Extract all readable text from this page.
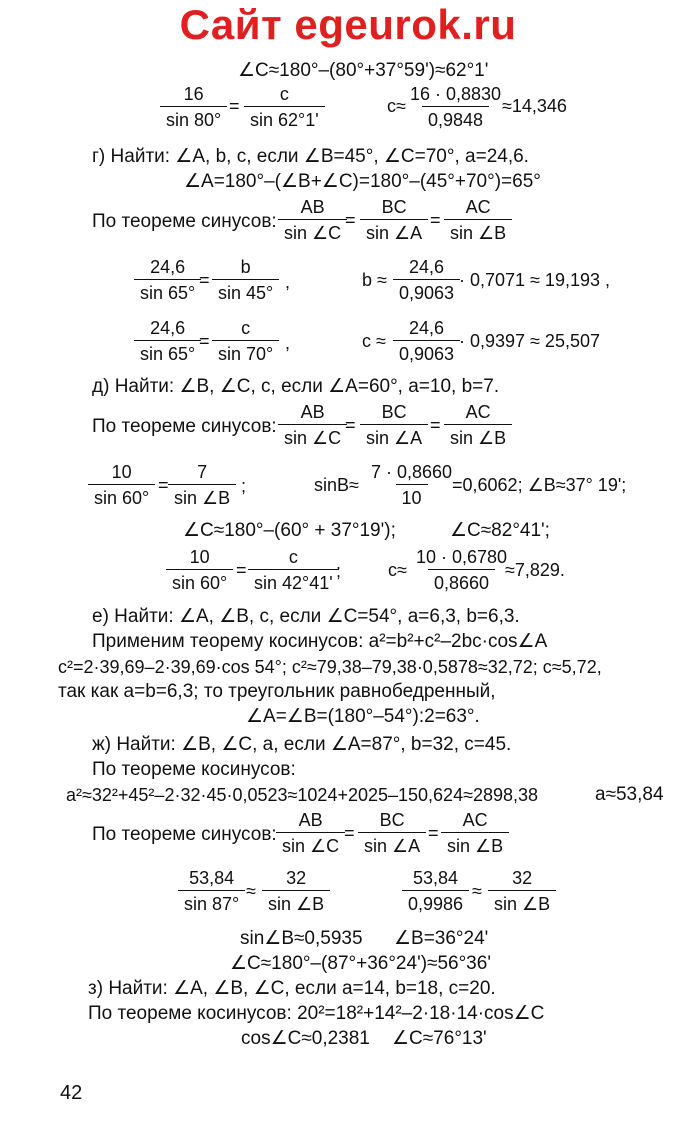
Сайт egeurok.ru
∠C≈180°–(80°+37°59')≈62°1'
$\frac{16}{\sin 80^\circ} = \frac{c}{\sin 62^\circ 1'}$	c≈
$\frac{16 \cdot 0,8830}{0,9848}$
≈14,346
г) Найти: ∠A, b, c, если ∠B=45°, ∠C=70°, a=24,6.
∠A=180°–(∠B+∠C)=180°–(45°+70°)=65°
По теореме синусов: $\frac{AB}{\sin \angle C}$
= $\frac{BC}{\sin \angle A} = \frac{AC}{\sin \angle B}$
$\frac{24,6}{\sin 65^\circ}$
= $\frac{b}{\sin 45^\circ}$ ,	$b \approx \frac{24,6}{0,9063}$
· 0,7071 ≈ 19,193 ,
$\frac{24,6}{\sin 65^\circ}$
= $\frac{c}{\sin 70^\circ}$ ,	$c \approx \frac{24,6}{0,9063}$
· 0,9397 ≈ 25,507
д) Найти: ∠B, ∠C, c, если ∠A=60°, a=10, b=7.
По теореме синусов: $\frac{AB}{\sin \angle C}$
= $\frac{BC}{\sin \angle A} = \frac{AC}{\sin \angle B}$
$\frac{10}{\sin 60^\circ} = \frac{7}{\sin \angle B}$ ;	$\sin B\approx \frac{7 \cdot 0,8660}{10}$
=0,6062; ∠B≈37° 19';
∠C≈180°–(60° + 37°19');	∠C≈82°41';
$\frac{10}{\sin 60^\circ} = \frac{c}{\sin 42^\circ 41'}$
;	$c\approx \frac{10 \cdot 0,6780}{0,8660}$
≈7,829.
е) Найти: ∠A, ∠B, c, если ∠C=54°, a=6,3, b=6,3.
Применим теорему косинусов: a²=b²+c²–2bc·cos∠A
c²=2·39,69–2·39,69·cos 54°; c²≈79,38–79,38·0,5878≈32,72; c≈5,72,
так как a=b=6,3; то треугольник равнобедренный,
∠A=∠B=(180°–54°):2=63°.
ж) Найти: ∠B, ∠C, a, если ∠A=87°, b=32, c=45.
По теореме косинусов:
a²≈32²+45²–2·32·45·0,0523≈1024+2025–150,624≈2898,38	a≈53,84
По теореме синусов: $\frac{AB}{\sin \angle C}$
= $\frac{BC}{\sin \angle A} = \frac{AC}{\sin \angle B}$
$\frac{53,84}{\sin 87^\circ} \approx \frac{32}{\sin \angle B}$	$\frac{53,84}{0,9986} \approx \frac{32}{\sin \angle B}$
sin∠B≈0,5935 ∠B=36°24'
∠C≈180°–(87°+36°24')≈56°36'
з) Найти: ∠A, ∠B, ∠C, если a=14, b=18, c=20.
По теореме косинусов: 20²=18²+14²–2·18·14·cos∠C
cos∠C≈0,2381 ∠C≈76°13'
42
